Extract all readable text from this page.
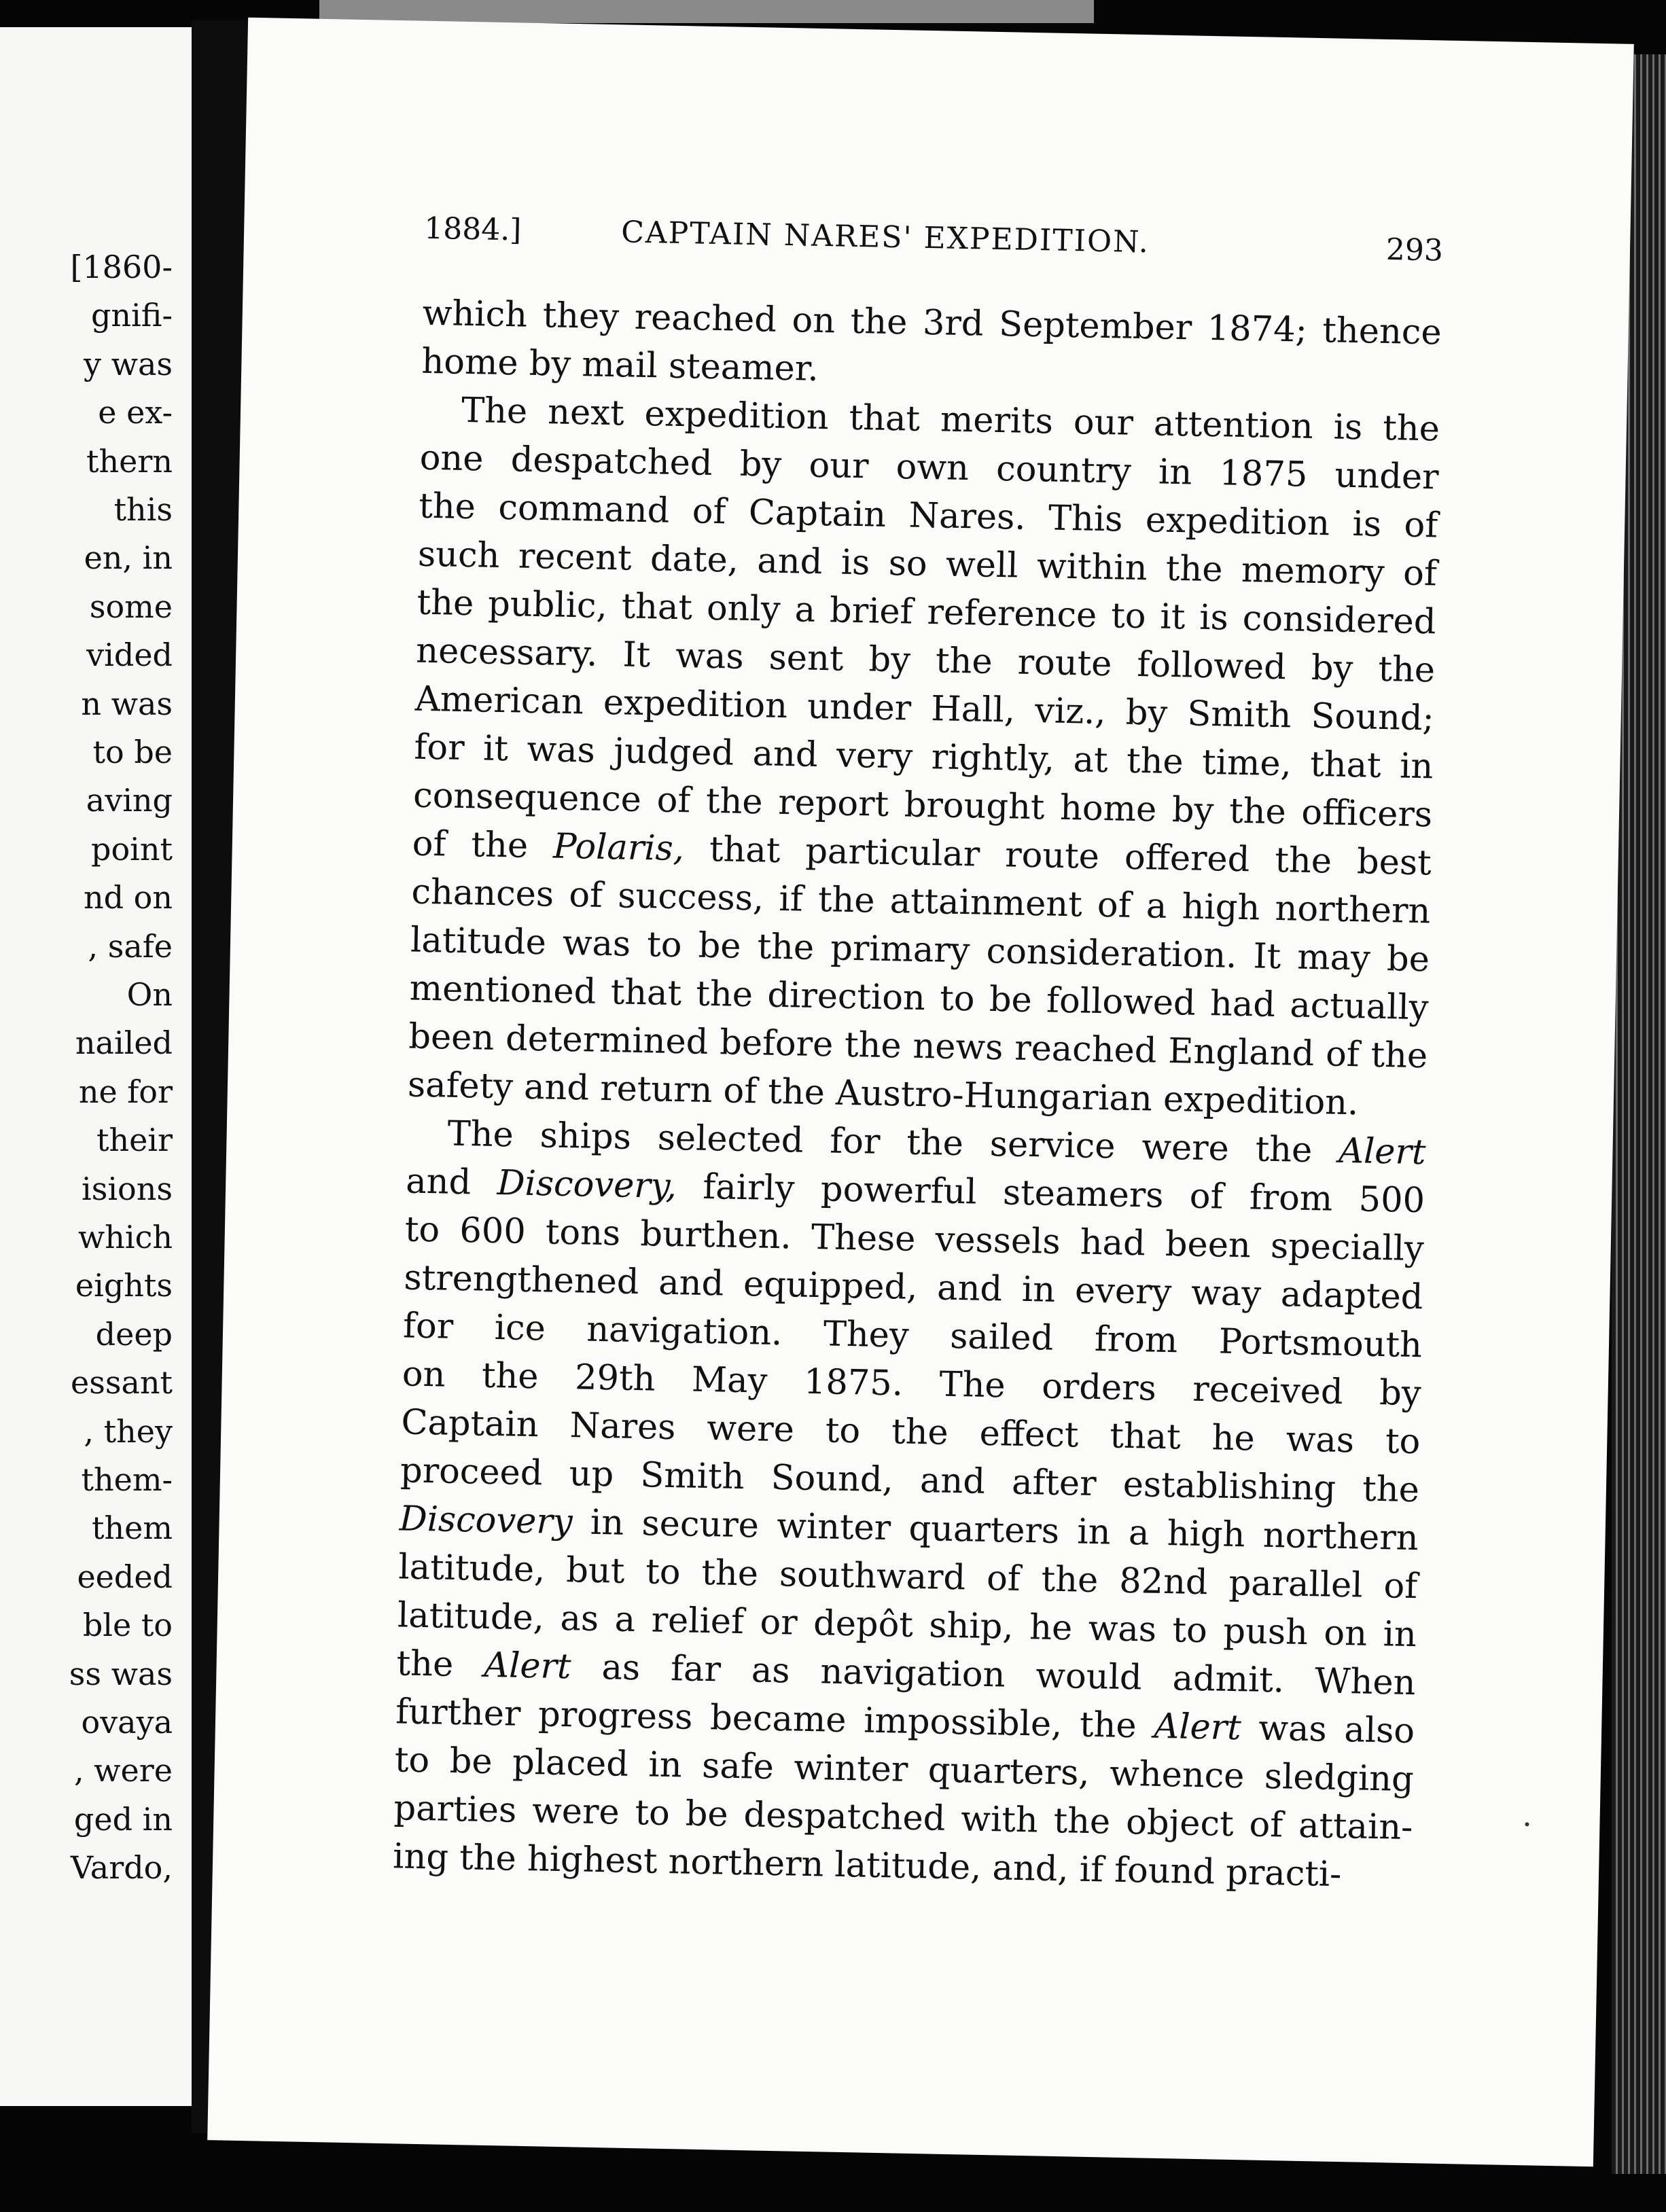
[1860-

gnifi-

y was

e ex-

thern

this

en, in

some

vided

n was

to be

aving

point

nd on

, safe

On

nailed

ne for

their

isions

which

eights

deep

essant

, they

them-

them

eeded

ble to

ss was

ovaya

, were

ged in

Vardo,

1884.]	CAPTAIN NARES' EXPEDITION.	293

which they reached on the 3rd September 1874; thence

home by mail steamer.

The next expedition that merits our attention is the

one despatched by our own country in 1875 under

the command of Captain Nares. This expedition is of

such recent date, and is so well within the memory of

the public, that only a brief reference to it is considered

necessary. It was sent by the route followed by the

American expedition under Hall, viz., by Smith Sound;

for it was judged and very rightly, at the time, that in

consequence of the report brought home by the officers

of the Polaris, that particular route offered the best

chances of success, if the attainment of a high northern

latitude was to be the primary consideration. It may be

mentioned that the direction to be followed had actually

been determined before the news reached England of the

safety and return of the Austro-Hungarian expedition.

The ships selected for the service were the Alert

and Discovery, fairly powerful steamers of from 500

to 600 tons burthen. These vessels had been specially

strengthened and equipped, and in every way adapted

for ice navigation. They sailed from Portsmouth

on the 29th May 1875. The orders received by

Captain Nares were to the effect that he was to

proceed up Smith Sound, and after establishing the

Discovery in secure winter quarters in a high northern

latitude, but to the southward of the 82nd parallel of

latitude, as a relief or depôt ship, he was to push on in

the Alert as far as navigation would admit. When

further progress became impossible, the Alert was also

to be placed in safe winter quarters, whence sledging

parties were to be despatched with the object of attain-

ing the highest northern latitude, and, if found practi-
